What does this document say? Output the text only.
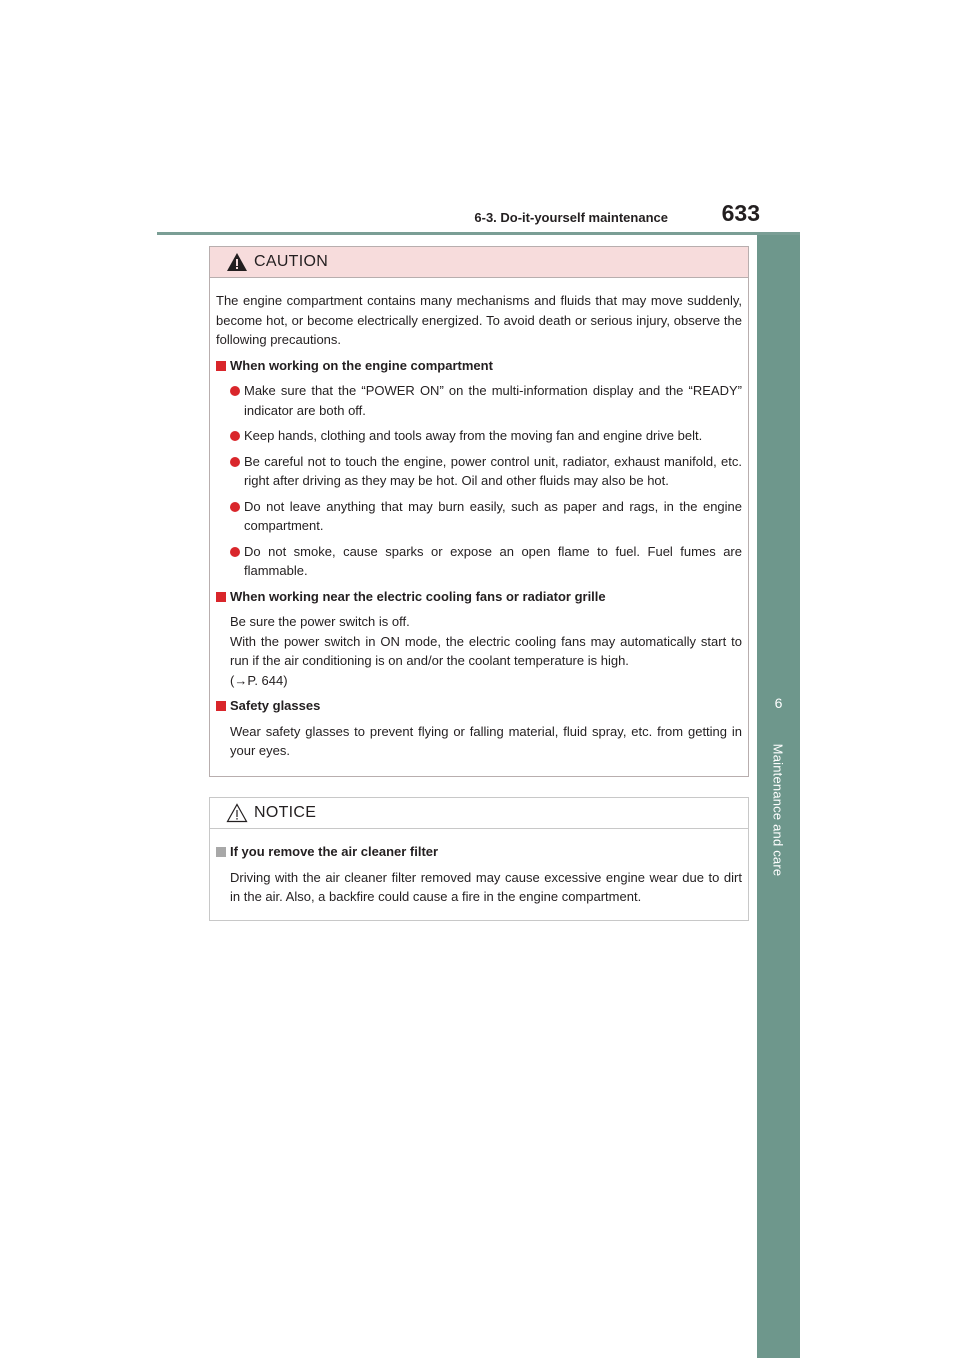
6-3. Do-it-yourself maintenance	633
6
Maintenance and care
CAUTION

The engine compartment contains many mechanisms and fluids that may move suddenly, become hot, or become electrically energized. To avoid death or serious injury, observe the following precautions.

When working on the engine compartment
Make sure that the “POWER ON” on the multi-information display and the “READY” indicator are both off.
Keep hands, clothing and tools away from the moving fan and engine drive belt.
Be careful not to touch the engine, power control unit, radiator, exhaust manifold, etc. right after driving as they may be hot. Oil and other fluids may also be hot.
Do not leave anything that may burn easily, such as paper and rags, in the engine compartment.
Do not smoke, cause sparks or expose an open flame to fuel. Fuel fumes are flammable.
When working near the electric cooling fans or radiator grille

Be sure the power switch is off.

With the power switch in ON mode, the electric cooling fans may automatically start to run if the air conditioning is on and/or the coolant temperature is high.

(→P. 644)

Safety glasses

Wear safety glasses to prevent flying or falling material, fluid spray, etc. from getting in your eyes.

NOTICE
If you remove the air cleaner filter

Driving with the air cleaner filter removed may cause excessive engine wear due to dirt in the air. Also, a backfire could cause a fire in the engine compartment.
